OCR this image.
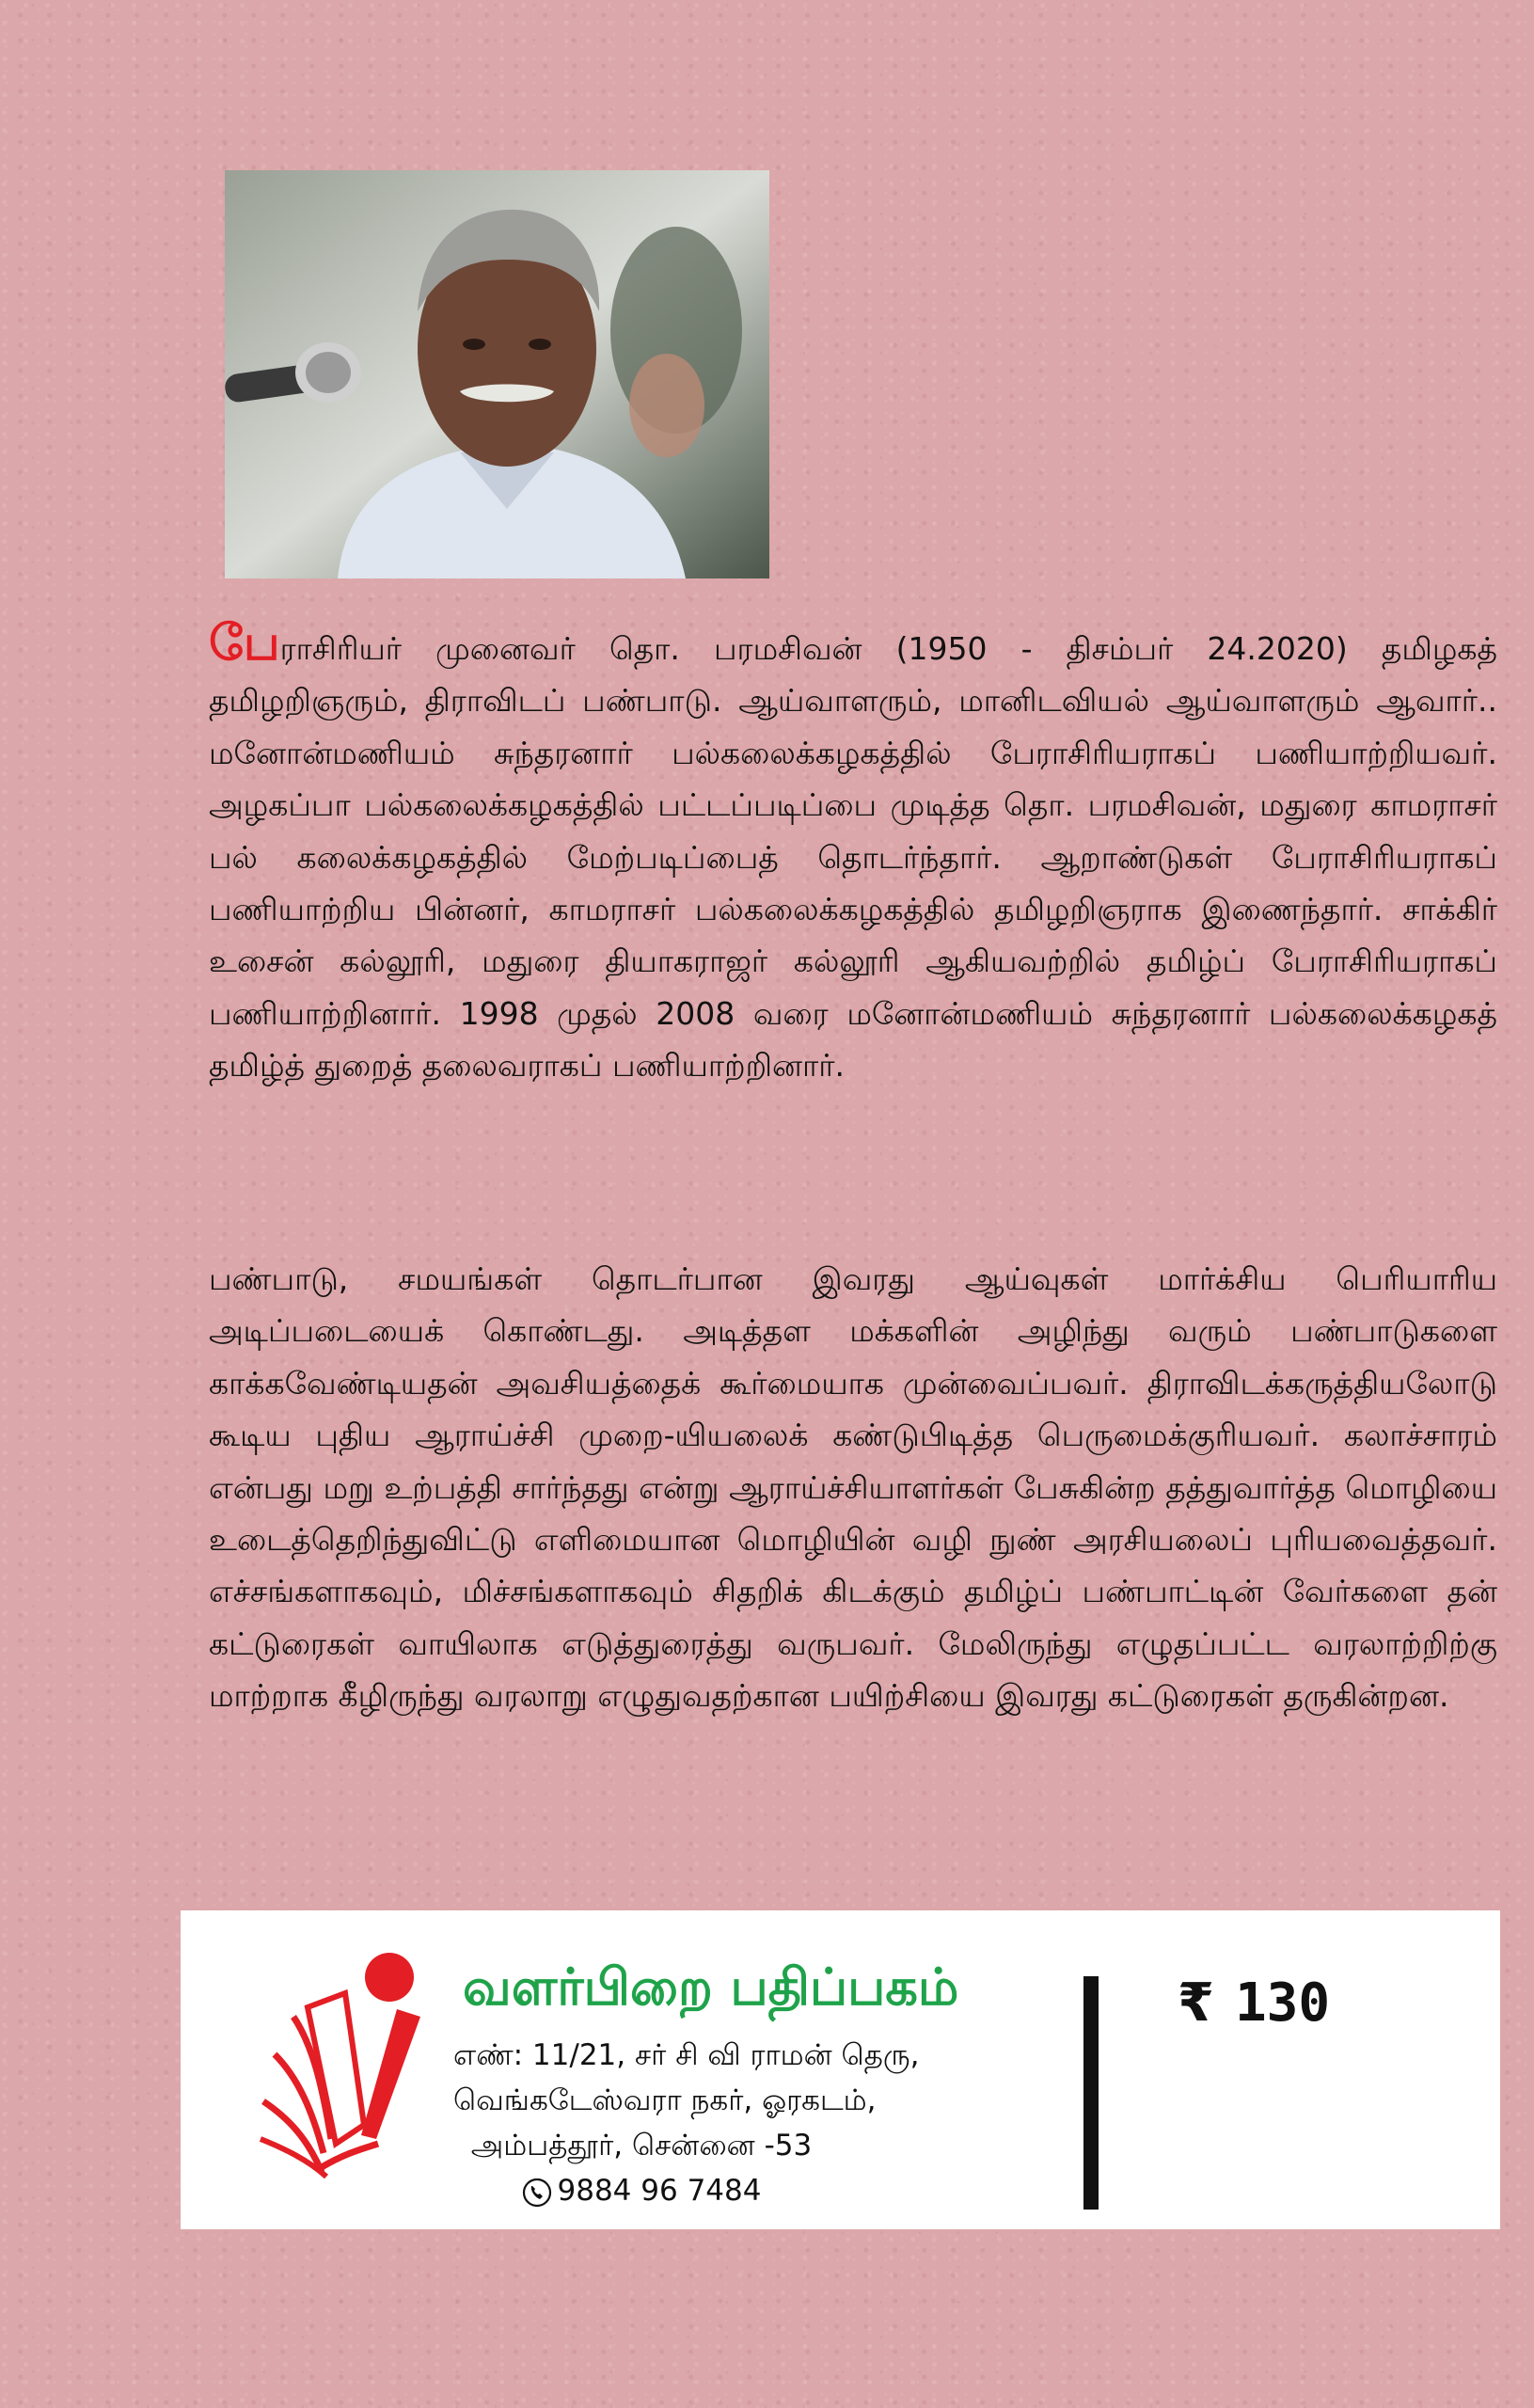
பேராசிரியர் முனைவர் தொ. பரமசிவன் (1950 - திசம்பர் 24.2020) தமிழகத் தமிழறிஞரும், திராவிடப் பண்பாடு. ஆய்வாளரும், மானிடவியல் ஆய்வாளரும் ஆவார்.. மனோன்மணியம் சுந்தரனார் பல்கலைக்கழகத்தில் பேராசிரியராகப் பணியாற்றியவர். அழகப்பா பல்கலைக்கழகத்தில் பட்டப்படிப்பை முடித்த தொ. பரமசிவன், மதுரை காமராசர் பல் கலைக்கழகத்தில் மேற்படிப்பைத் தொடர்ந்தார். ஆறாண்டுகள் பேராசிரியராகப் பணியாற்றிய பின்னர், காமராசர் பல்கலைக்கழகத்தில் தமிழறிஞராக இணைந்தார். சாக்கிர் உசைன் கல்லூரி, மதுரை தியாகராஜர் கல்லூரி ஆகியவற்றில் தமிழ்ப் பேராசிரியராகப் பணியாற்றினார். 1998 முதல் 2008 வரை மனோன்மணியம் சுந்தரனார் பல்கலைக்கழகத் தமிழ்த் துறைத் தலைவராகப் பணியாற்றினார்.

பண்பாடு, சமயங்கள் தொடர்பான இவரது ஆய்வுகள் மார்க்சிய பெரியாரிய அடிப்படையைக் கொண்டது. அடித்தள மக்களின் அழிந்து வரும் பண்பாடுகளை காக்கவேண்டியதன் அவசியத்தைக் கூர்மையாக முன்வைப்பவர். திராவிடக்கருத்தியலோடு கூடிய புதிய ஆராய்ச்சி முறை-யியலைக் கண்டுபிடித்த பெருமைக்குரியவர். கலாச்சாரம் என்பது மறு உற்பத்தி சார்ந்தது என்று ஆராய்ச்சியாளர்கள் பேசுகின்ற தத்துவார்த்த மொழியை உடைத்தெறிந்துவிட்டு எளிமையான மொழியின் வழி நுண் அரசியலைப் புரியவைத்தவர். எச்சங்களாகவும், மிச்சங்களாகவும் சிதறிக் கிடக்கும் தமிழ்ப் பண்பாட்டின் வேர்களை தன் கட்டுரைகள் வாயிலாக எடுத்துரைத்து வருபவர். மேலிருந்து எழுதப்பட்ட வரலாற்றிற்கு மாற்றாக கீழிருந்து வரலாறு எழுதுவதற்கான பயிற்சியை இவரது கட்டுரைகள் தருகின்றன.

வளர்பிறை பதிப்பகம்
எண்: 11/21, சர் சி வி ராமன் தெரு,
வெங்கடேஸ்வரா நகர், ஓரகடம்,
அம்பத்தூர், சென்னை -53
9884 96 7484
₹ 130
